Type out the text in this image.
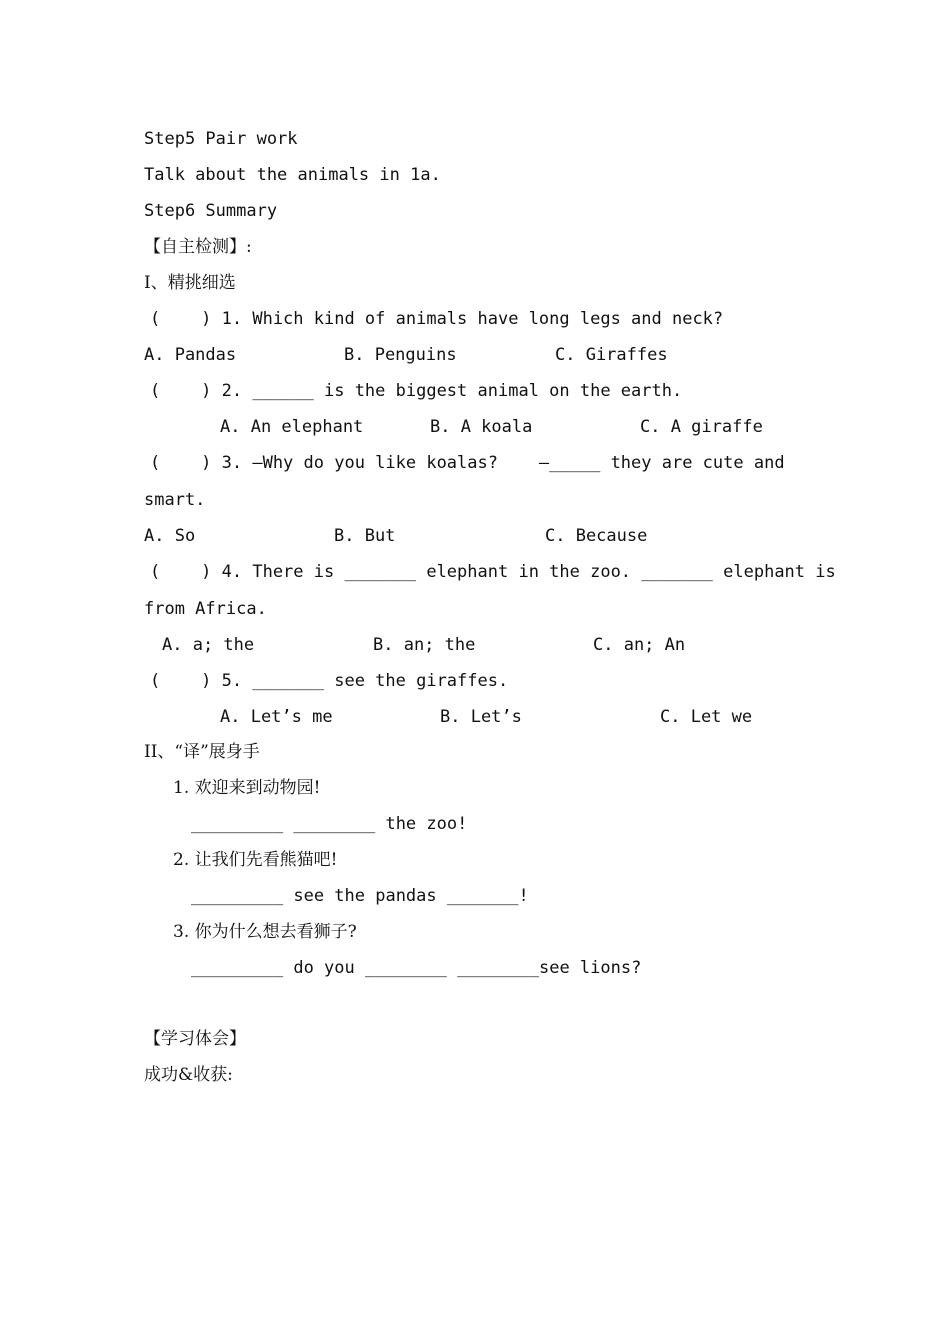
Step5 Pair work
Talk about the animals in 1a.
Step6 Summary
【自主检测】:
I、精挑细选
(    ) 1. Which kind of animals have long legs and neck?
A. Pandas	B. Penguins	C. Giraffes
(    ) 2. ______ is the biggest animal on the earth.
A. An elephant	B. A koala	C. A giraffe
(    ) 3. —Why do you like koalas?    —_____ they are cute and
smart.
A. So	B. But	C. Because
(    ) 4. There is _______ elephant in the zoo. _______ elephant is
from Africa.
A. a; the	B. an; the	C. an; An
(    ) 5. _______ see the giraffes.
A. Let’s me	B. Let’s	C. Let we
II、“译”展身手
1. 欢迎来到动物园!
_________ ________ the zoo!
2. 让我们先看熊猫吧!
_________ see the pandas _______!
3. 你为什么想去看狮子?
_________ do you ________ ________see lions?
【学习体会】
成功&收获:
